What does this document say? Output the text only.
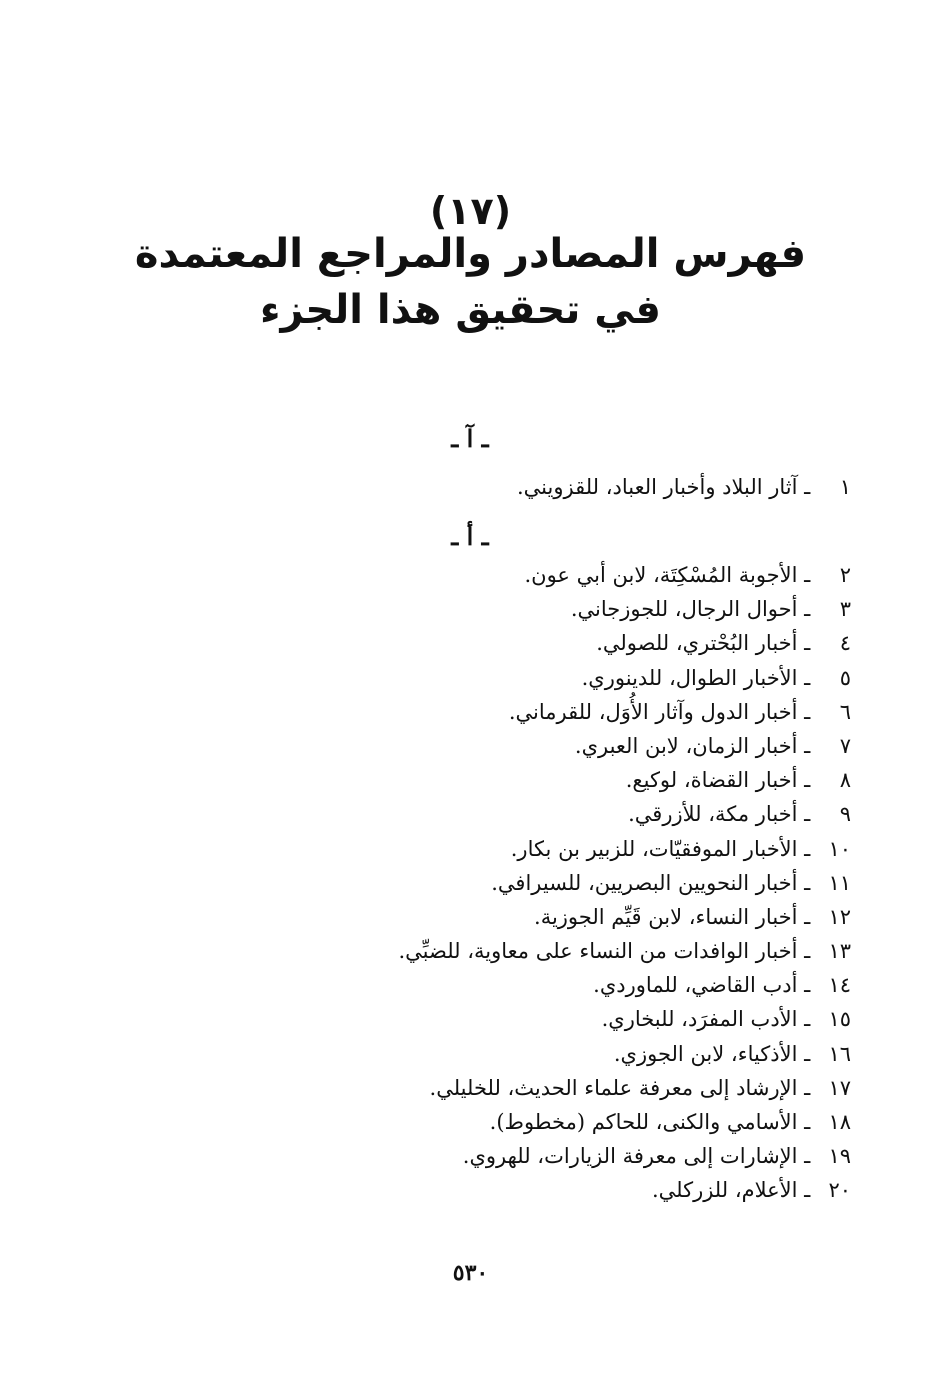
(١٧)
فهرس المصادر والمراجع المعتمدة
في تحقيق هذا الجزء
ـ آ ـ
١ ـ آثار البلاد وأخبار العباد، للقزويني.
ـ أ ـ
٢ ـ الأجوبة المُسْكِتَة، لابن أبي عون.
٣ ـ أحوال الرجال، للجوزجاني.
٤ ـ أخبار البُحْتري، للصولي.
٥ ـ الأخبار الطوال، للدينوري.
٦ ـ أخبار الدول وآثار الأُوَل، للقرماني.
٧ ـ أخبار الزمان، لابن العبري.
٨ ـ أخبار القضاة، لوكيع.
٩ ـ أخبار مكة، للأزرقي.
١٠ ـ الأخبار الموفقيّات، للزبير بن بكار.
١١ ـ أخبار النحويين البصريين، للسيرافي.
١٢ ـ أخبار النساء، لابن قَيِّم الجوزية.
١٣ ـ أخبار الوافدات من النساء على معاوية، للضبِّي.
١٤ ـ أدب القاضي، للماوردي.
١٥ ـ الأدب المفرَد، للبخاري.
١٦ ـ الأذكياء، لابن الجوزي.
١٧ ـ الإرشاد إلى معرفة علماء الحديث، للخليلي.
١٨ ـ الأسامي والكنى، للحاكم (مخطوط).
١٩ ـ الإشارات إلى معرفة الزيارات، للهروي.
٢٠ ـ الأعلام، للزركلي.
٥٣٠
